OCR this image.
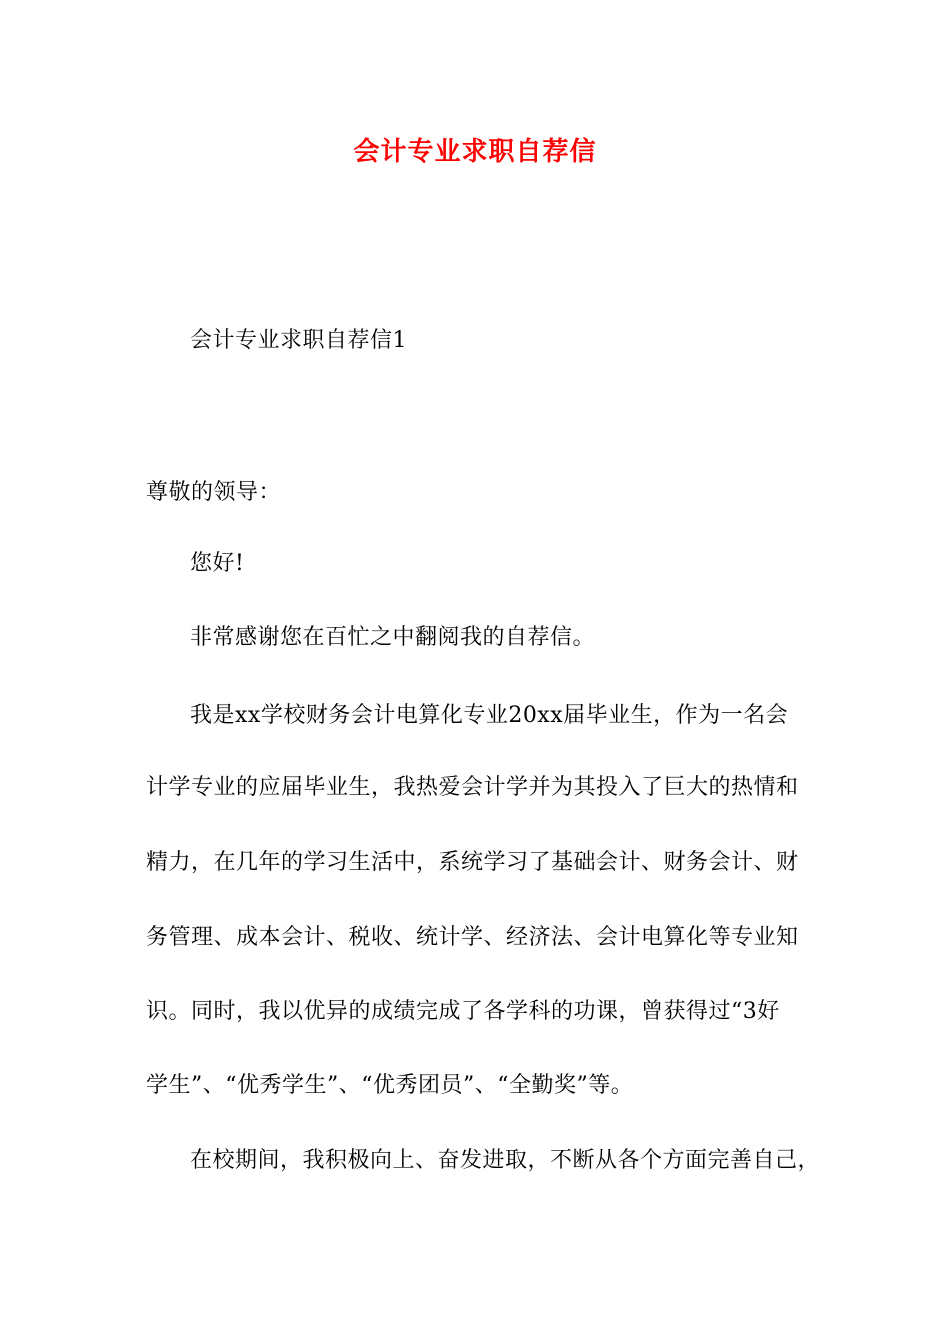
会计专业求职自荐信
会计专业求职自荐信1
尊敬的领导：
您好!
非常感谢您在百忙之中翻阅我的自荐信。
我是xx学校财务会计电算化专业20xx届毕业生，作为一名会
计学专业的应届毕业生，我热爱会计学并为其投入了巨大的热情和
精力，在几年的学习生活中，系统学习了基础会计、财务会计、财
务管理、成本会计、税收、统计学、经济法、会计电算化等专业知
识。同时，我以优异的成绩完成了各学科的功课，曾获得过“3好
学生”、“优秀学生”、“优秀团员”、“全勤奖”等。
在校期间，我积极向上、奋发进取，不断从各个方面完善自己，
